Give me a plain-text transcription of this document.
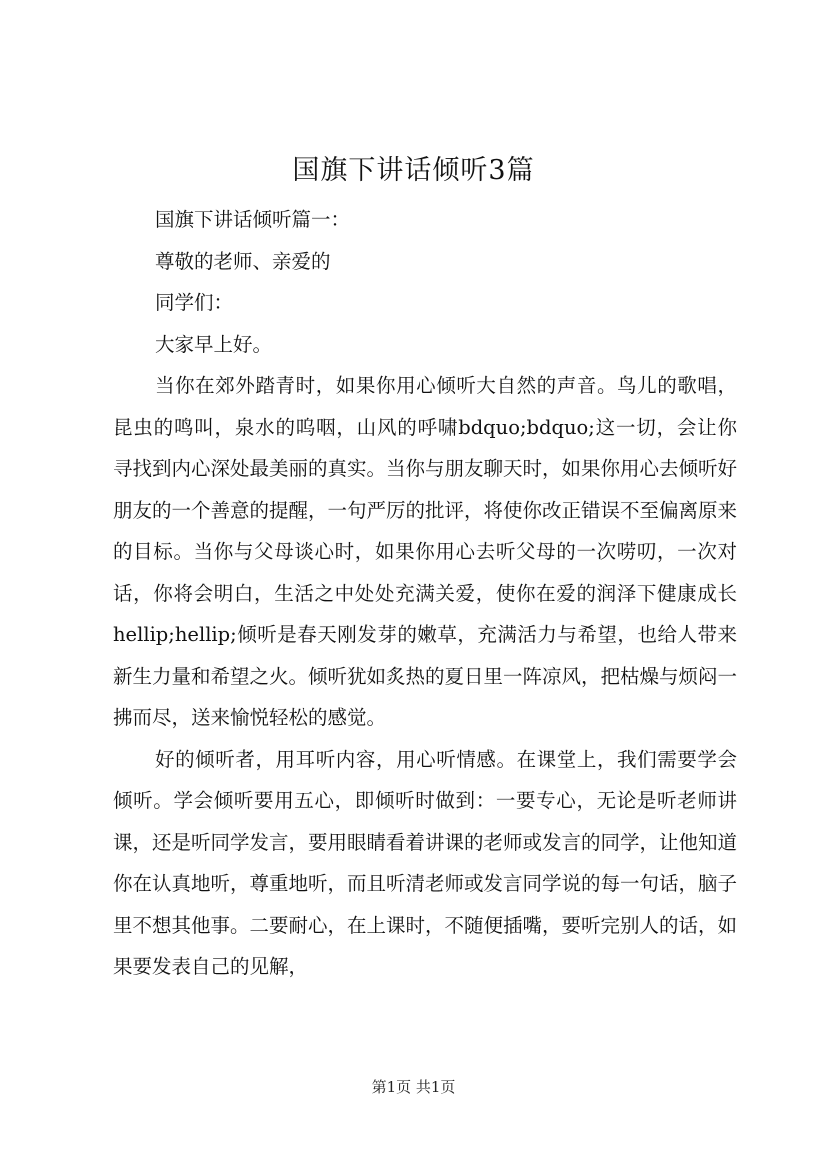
国旗下讲话倾听3篇

国旗下讲话倾听篇一：

尊敬的老师、亲爱的

同学们：

大家早上好。

当你在郊外踏青时，如果你用心倾听大自然的声音。鸟儿的歌唱，昆虫的鸣叫，泉水的呜咽，山风的呼啸bdquo;bdquo;这一切，会让你寻找到内心深处最美丽的真实。当你与朋友聊天时，如果你用心去倾听好朋友的一个善意的提醒，一句严厉的批评，将使你改正错误不至偏离原来的目标。当你与父母谈心时，如果你用心去听父母的一次唠叨，一次对话，你将会明白，生活之中处处充满关爱，使你在爱的润泽下健康成长hellip;hellip;倾听是春天刚发芽的嫩草，充满活力与希望，也给人带来新生力量和希望之火。倾听犹如炙热的夏日里一阵凉风，把枯燥与烦闷一拂而尽，送来愉悦轻松的感觉。

好的倾听者，用耳听内容，用心听情感。在课堂上，我们需要学会倾听。学会倾听要用五心，即倾听时做到：一要专心，无论是听老师讲课，还是听同学发言，要用眼睛看着讲课的老师或发言的同学，让他知道你在认真地听，尊重地听，而且听清老师或发言同学说的每一句话，脑子里不想其他事。二要耐心，在上课时，不随便插嘴，要听完别人的话，如果要发表自己的见解，

第1页 共1页
